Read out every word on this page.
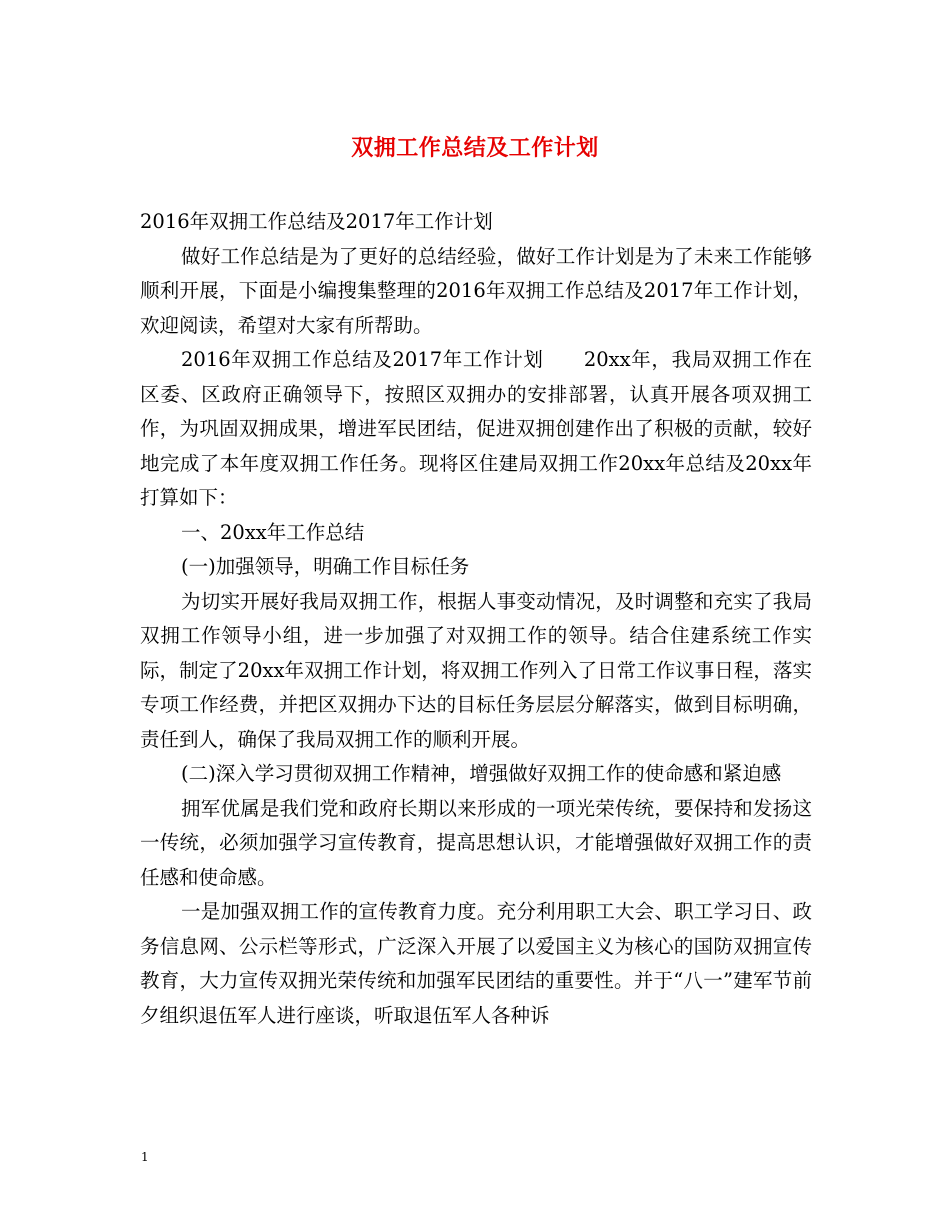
双拥工作总结及工作计划

2016年双拥工作总结及2017年工作计划

做好工作总结是为了更好的总结经验，做好工作计划是为了未来工作能够顺利开展，下面是小编搜集整理的2016年双拥工作总结及2017年工作计划，欢迎阅读，希望对大家有所帮助。

2016年双拥工作总结及2017年工作计划　　20xx年，我局双拥工作在区委、区政府正确领导下，按照区双拥办的安排部署，认真开展各项双拥工作，为巩固双拥成果，增进军民团结，促进双拥创建作出了积极的贡献，较好地完成了本年度双拥工作任务。现将区住建局双拥工作20xx年总结及20xx年打算如下：

一、20xx年工作总结

(一)加强领导，明确工作目标任务

为切实开展好我局双拥工作，根据人事变动情况，及时调整和充实了我局双拥工作领导小组，进一步加强了对双拥工作的领导。结合住建系统工作实际，制定了20xx年双拥工作计划，将双拥工作列入了日常工作议事日程，落实专项工作经费，并把区双拥办下达的目标任务层层分解落实，做到目标明确，责任到人，确保了我局双拥工作的顺利开展。

(二)深入学习贯彻双拥工作精神，增强做好双拥工作的使命感和紧迫感

拥军优属是我们党和政府长期以来形成的一项光荣传统，要保持和发扬这一传统，必须加强学习宣传教育，提高思想认识，才能增强做好双拥工作的责任感和使命感。

一是加强双拥工作的宣传教育力度。充分利用职工大会、职工学习日、政务信息网、公示栏等形式，广泛深入开展了以爱国主义为核心的国防双拥宣传教育，大力宣传双拥光荣传统和加强军民团结的重要性。并于“八一”建军节前夕组织退伍军人进行座谈，听取退伍军人各种诉

1
